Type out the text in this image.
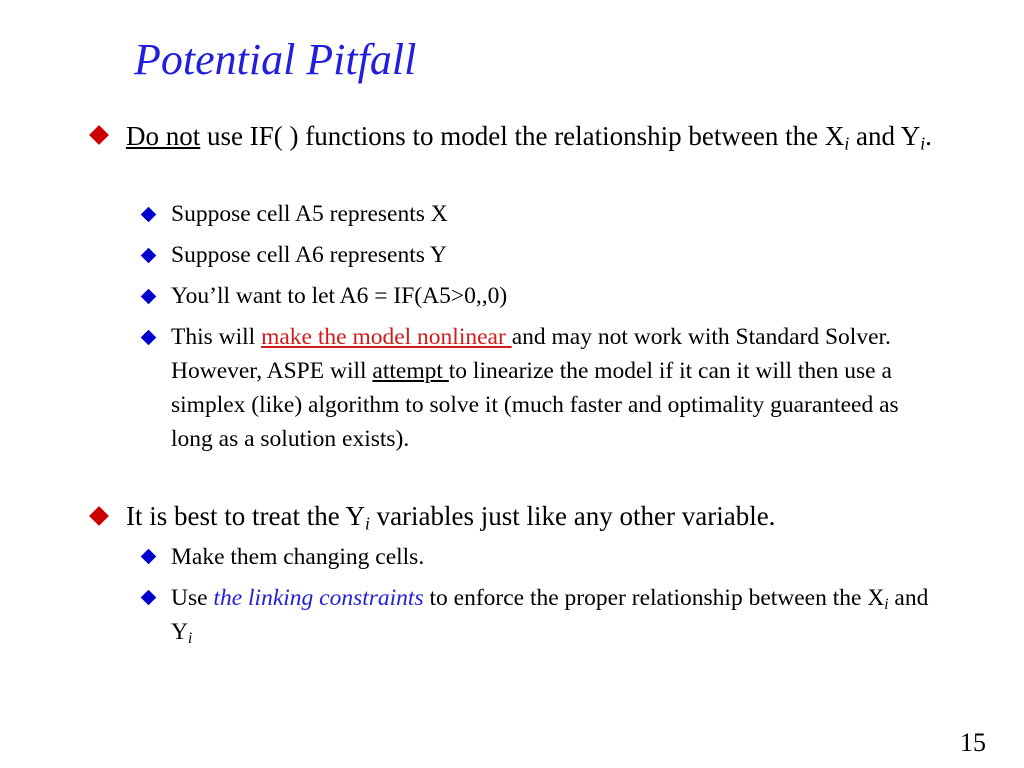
Potential Pitfall
Do not use IF( ) functions to model the relationship between the $X_i$ and $Y_i$.
Suppose cell A5 represents X
Suppose cell A6 represents Y
You’ll want to let A6 = IF(A5>0,,0)
This will make the model nonlinear and may not work with Standard Solver. However, ASPE will attempt to linearize the model if it can it will then use a simplex (like) algorithm to solve it (much faster and optimality guaranteed as long as a solution exists).
It is best to treat the $Y_i$ variables just like any other variable.
Make them changing cells.
Use the linking constraints to enforce the proper relationship between the $X_i$ and $Y_i$
15
